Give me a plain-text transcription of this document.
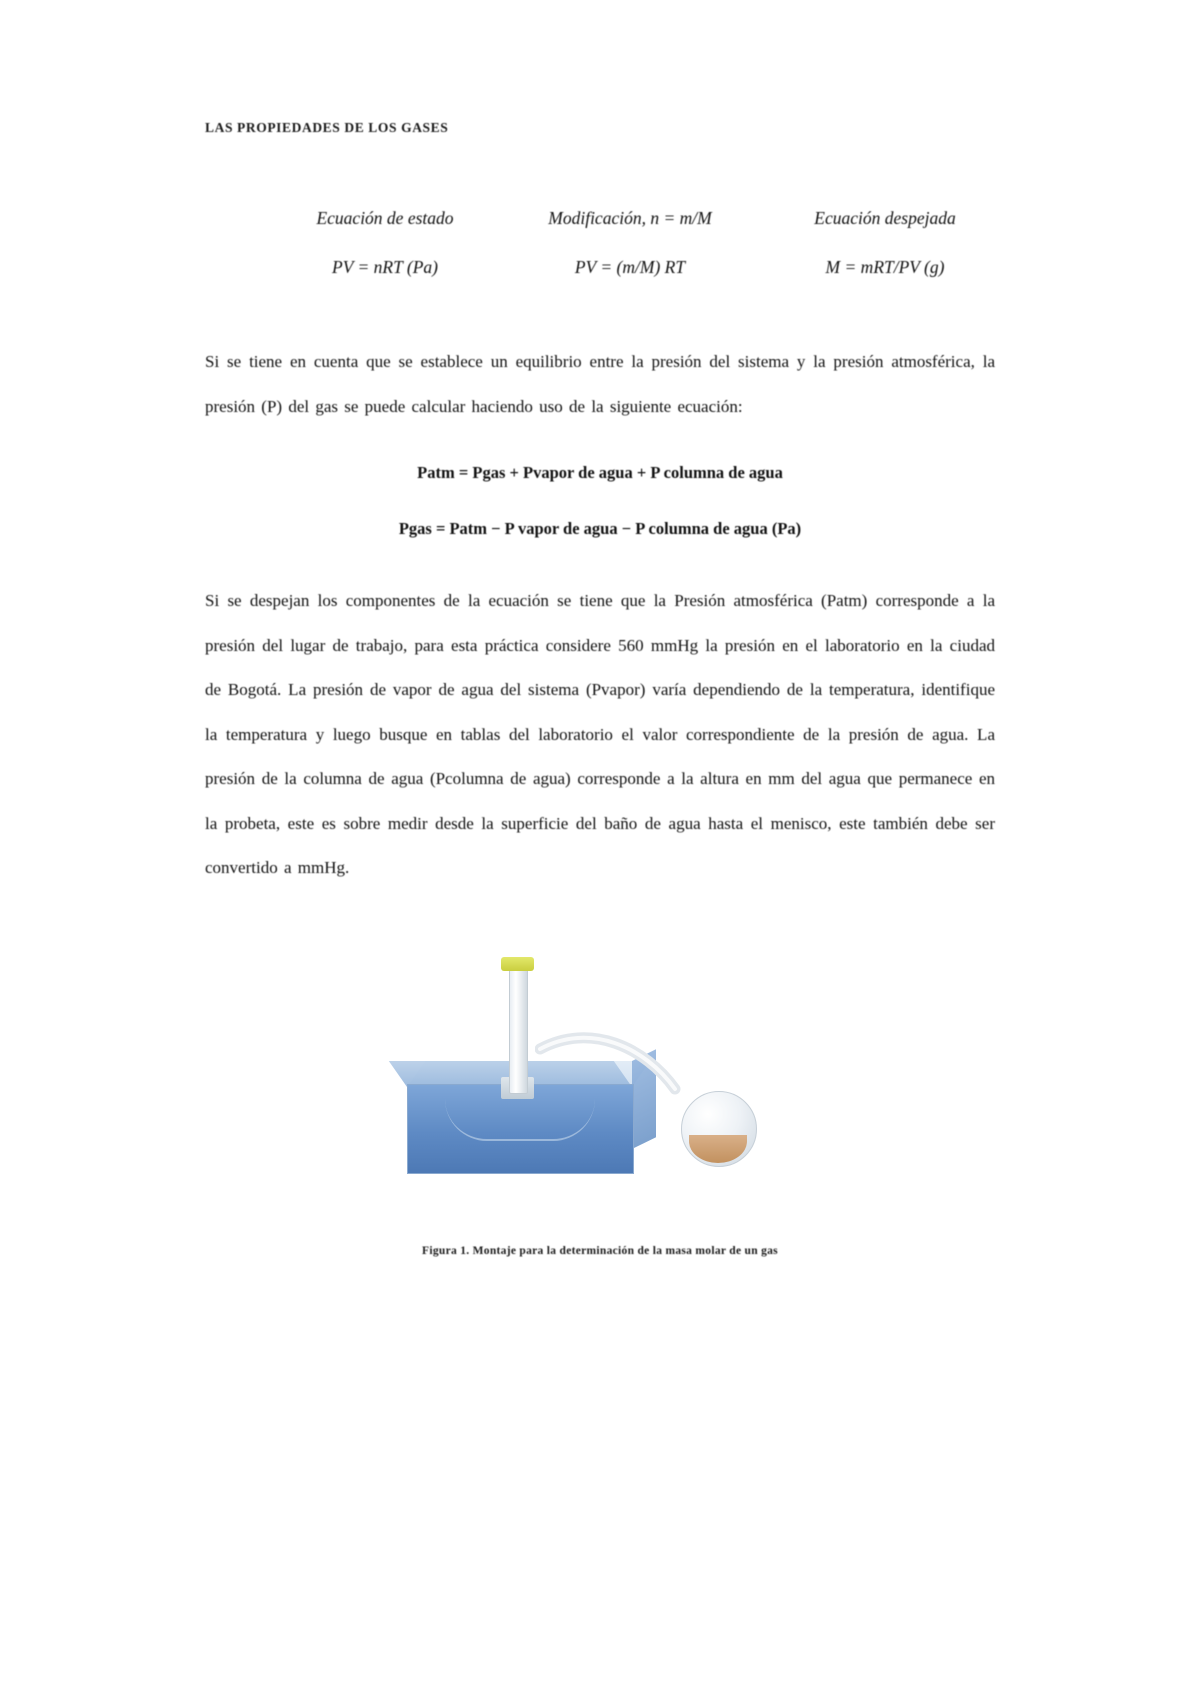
LAS PROPIEDADES DE LOS GASES
Ecuación de estado
PV = nRT (Pa)
Modificación, n = m/M
PV = (m/M) RT
Ecuación despejada
M = mRT/PV (g)
Si se tiene en cuenta que se establece un equilibrio entre la presión del sistema y la presión atmosférica, la presión (P) del gas se puede calcular haciendo uso de la siguiente ecuación:
Patm = Pgas + Pvapor de agua + P columna de agua
Pgas = Patm − P vapor de agua − P columna de agua (Pa)
Si se despejan los componentes de la ecuación se tiene que la Presión atmosférica (Patm) corresponde a la presión del lugar de trabajo, para esta práctica considere 560 mmHg la presión en el laboratorio en la ciudad de Bogotá. La presión de vapor de agua del sistema (Pvapor) varía dependiendo de la temperatura, identifique la temperatura y luego busque en tablas del laboratorio el valor correspondiente de la presión de agua. La presión de la columna de agua (Pcolumna de agua) corresponde a la altura en mm del agua que permanece en la probeta, este es sobre medir desde la superficie del baño de agua hasta el menisco, este también debe ser convertido a mmHg.
Figura 1. Montaje para la determinación de la masa molar de un gas
